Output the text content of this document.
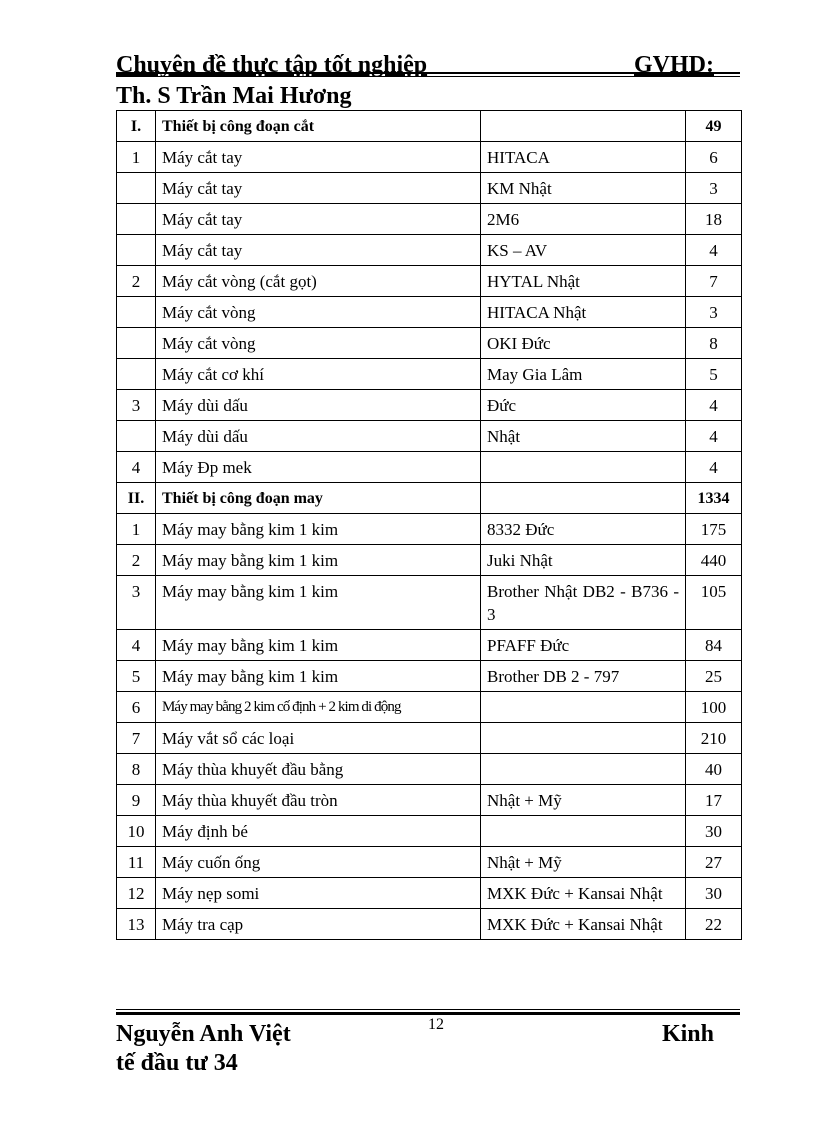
Chuyên đề thực tập tốt nghiệp	GVHD:
Th. S Trần Mai Hương
I.	Thiết bị công đoạn cắt		49
1	Máy cắt tay	HITACA	6
	Máy cắt tay	KM Nhật	3
	Máy cắt tay	2M6	18
	Máy cắt tay	KS – AV	4
2	Máy cắt vòng (cắt gọt)	HYTAL Nhật	7
	Máy cắt vòng	HITACA Nhật	3
	Máy cắt vòng	OKI Đức	8
	Máy cắt cơ khí	May Gia Lâm	5
3	Máy dùi dấu	Đức	4
	Máy dùi dấu	Nhật	4
4	Máy Đp mek		4
II.	Thiết bị công đoạn may		1334
1	Máy may bằng kim 1 kim	8332 Đức	175
2	Máy may bằng kim 1 kim	Juki Nhật	440
3	Máy may bằng kim 1 kim	Brother Nhật DB2 - B736 - 3	105
4	Máy may bằng kim 1 kim	PFAFF Đức	84
5	Máy may bằng kim 1 kim	Brother DB 2 - 797	25
6	Máy may bằng 2 kim cố định + 2 kim di động		100
7	Máy vắt sổ các loại		210
8	Máy thùa khuyết đầu bằng		40
9	Máy thùa khuyết đầu tròn	Nhật + Mỹ	17
10	Máy định bé		30
11	Máy cuốn ống	Nhật + Mỹ	27
12	Máy nẹp somi	MXK Đức + Kansai Nhật	30
13	Máy tra cạp	MXK Đức + Kansai Nhật	22
Nguyễn Anh Việt	12	Kinh
tế đầu tư 34
